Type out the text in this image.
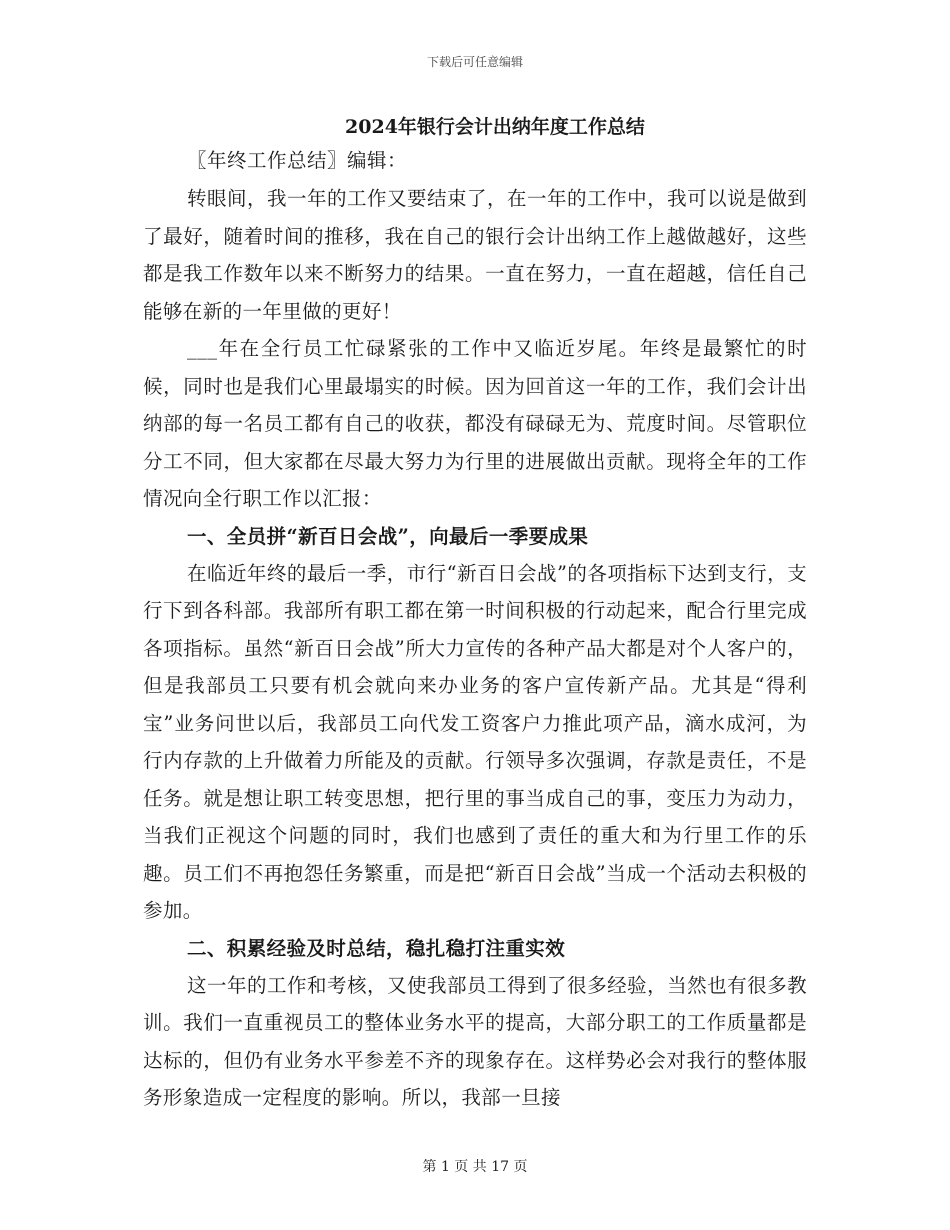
下载后可任意编辑
2024年银行会计出纳年度工作总结

〖年终工作总结〗编辑：

转眼间，我一年的工作又要结束了，在一年的工作中，我可以说是做到了最好，随着时间的推移，我在自己的银行会计出纳工作上越做越好，这些都是我工作数年以来不断努力的结果。一直在努力，一直在超越，信任自己能够在新的一年里做的更好！

___年在全行员工忙碌紧张的工作中又临近岁尾。年终是最繁忙的时候，同时也是我们心里最塌实的时候。因为回首这一年的工作，我们会计出纳部的每一名员工都有自己的收获，都没有碌碌无为、荒度时间。尽管职位分工不同，但大家都在尽最大努力为行里的进展做出贡献。现将全年的工作情况向全行职工作以汇报：

一、全员拼“新百日会战”，向最后一季要成果

在临近年终的最后一季，市行“新百日会战”的各项指标下达到支行，支行下到各科部。我部所有职工都在第一时间积极的行动起来，配合行里完成各项指标。虽然“新百日会战”所大力宣传的各种产品大都是对个人客户的，但是我部员工只要有机会就向来办业务的客户宣传新产品。尤其是“得利宝”业务问世以后，我部员工向代发工资客户力推此项产品，滴水成河，为行内存款的上升做着力所能及的贡献。行领导多次强调，存款是责任，不是任务。就是想让职工转变思想，把行里的事当成自己的事，变压力为动力，当我们正视这个问题的同时，我们也感到了责任的重大和为行里工作的乐趣。员工们不再抱怨任务繁重，而是把“新百日会战”当成一个活动去积极的参加。

二、积累经验及时总结，稳扎稳打注重实效

这一年的工作和考核，又使我部员工得到了很多经验，当然也有很多教训。我们一直重视员工的整体业务水平的提高，大部分职工的工作质量都是达标的，但仍有业务水平参差不齐的现象存在。这样势必会对我行的整体服务形象造成一定程度的影响。所以，我部一旦接

第 1 页 共 17 页
